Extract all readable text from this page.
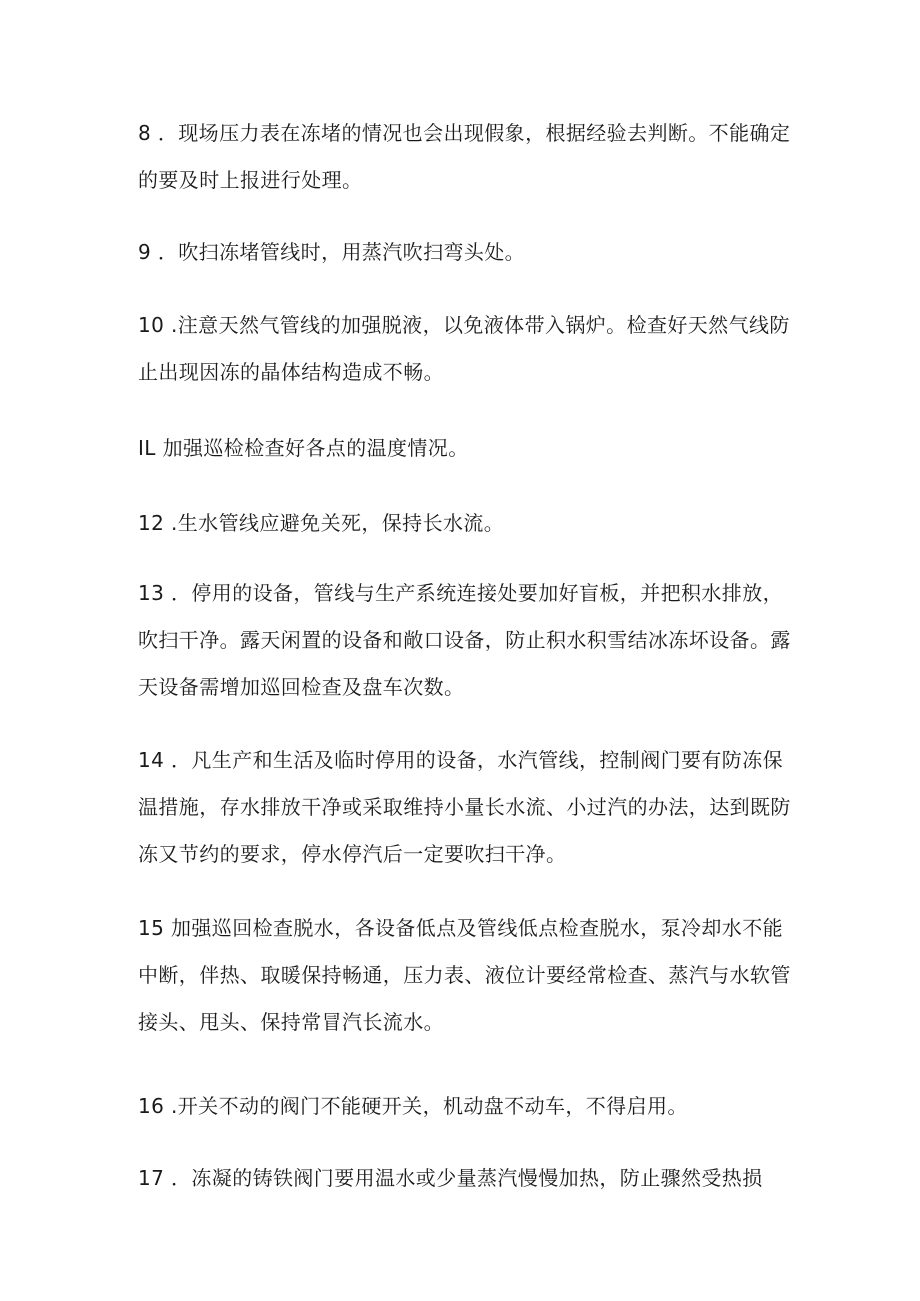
8 ．现场压力表在冻堵的情况也会出现假象，根据经验去判断。不能确定
的要及时上报进行处理。

9 ．吹扫冻堵管线时，用蒸汽吹扫弯头处。

10 .注意天然气管线的加强脱液，以免液体带入锅炉。检查好天然气线防
止出现因冻的晶体结构造成不畅。

IL 加强巡检检查好各点的温度情况。

12 .生水管线应避免关死，保持长水流。

13 ．停用的设备，管线与生产系统连接处要加好盲板，并把积水排放，
吹扫干净。露天闲置的设备和敞口设备，防止积水积雪结冰冻坏设备。露
天设备需增加巡回检查及盘车次数。

14 ．凡生产和生活及临时停用的设备，水汽管线，控制阀门要有防冻保
温措施，存水排放干净或采取维持小量长水流、小过汽的办法，达到既防
冻又节约的要求，停水停汽后一定要吹扫干净。

15 加强巡回检查脱水，各设备低点及管线低点检查脱水，泵冷却水不能
中断，伴热、取暖保持畅通，压力表、液位计要经常检查、蒸汽与水软管
接头、甩头、保持常冒汽长流水。

16 .开关不动的阀门不能硬开关，机动盘不动车，不得启用。

17 ．冻凝的铸铁阀门要用温水或少量蒸汽慢慢加热，防止骤然受热损
